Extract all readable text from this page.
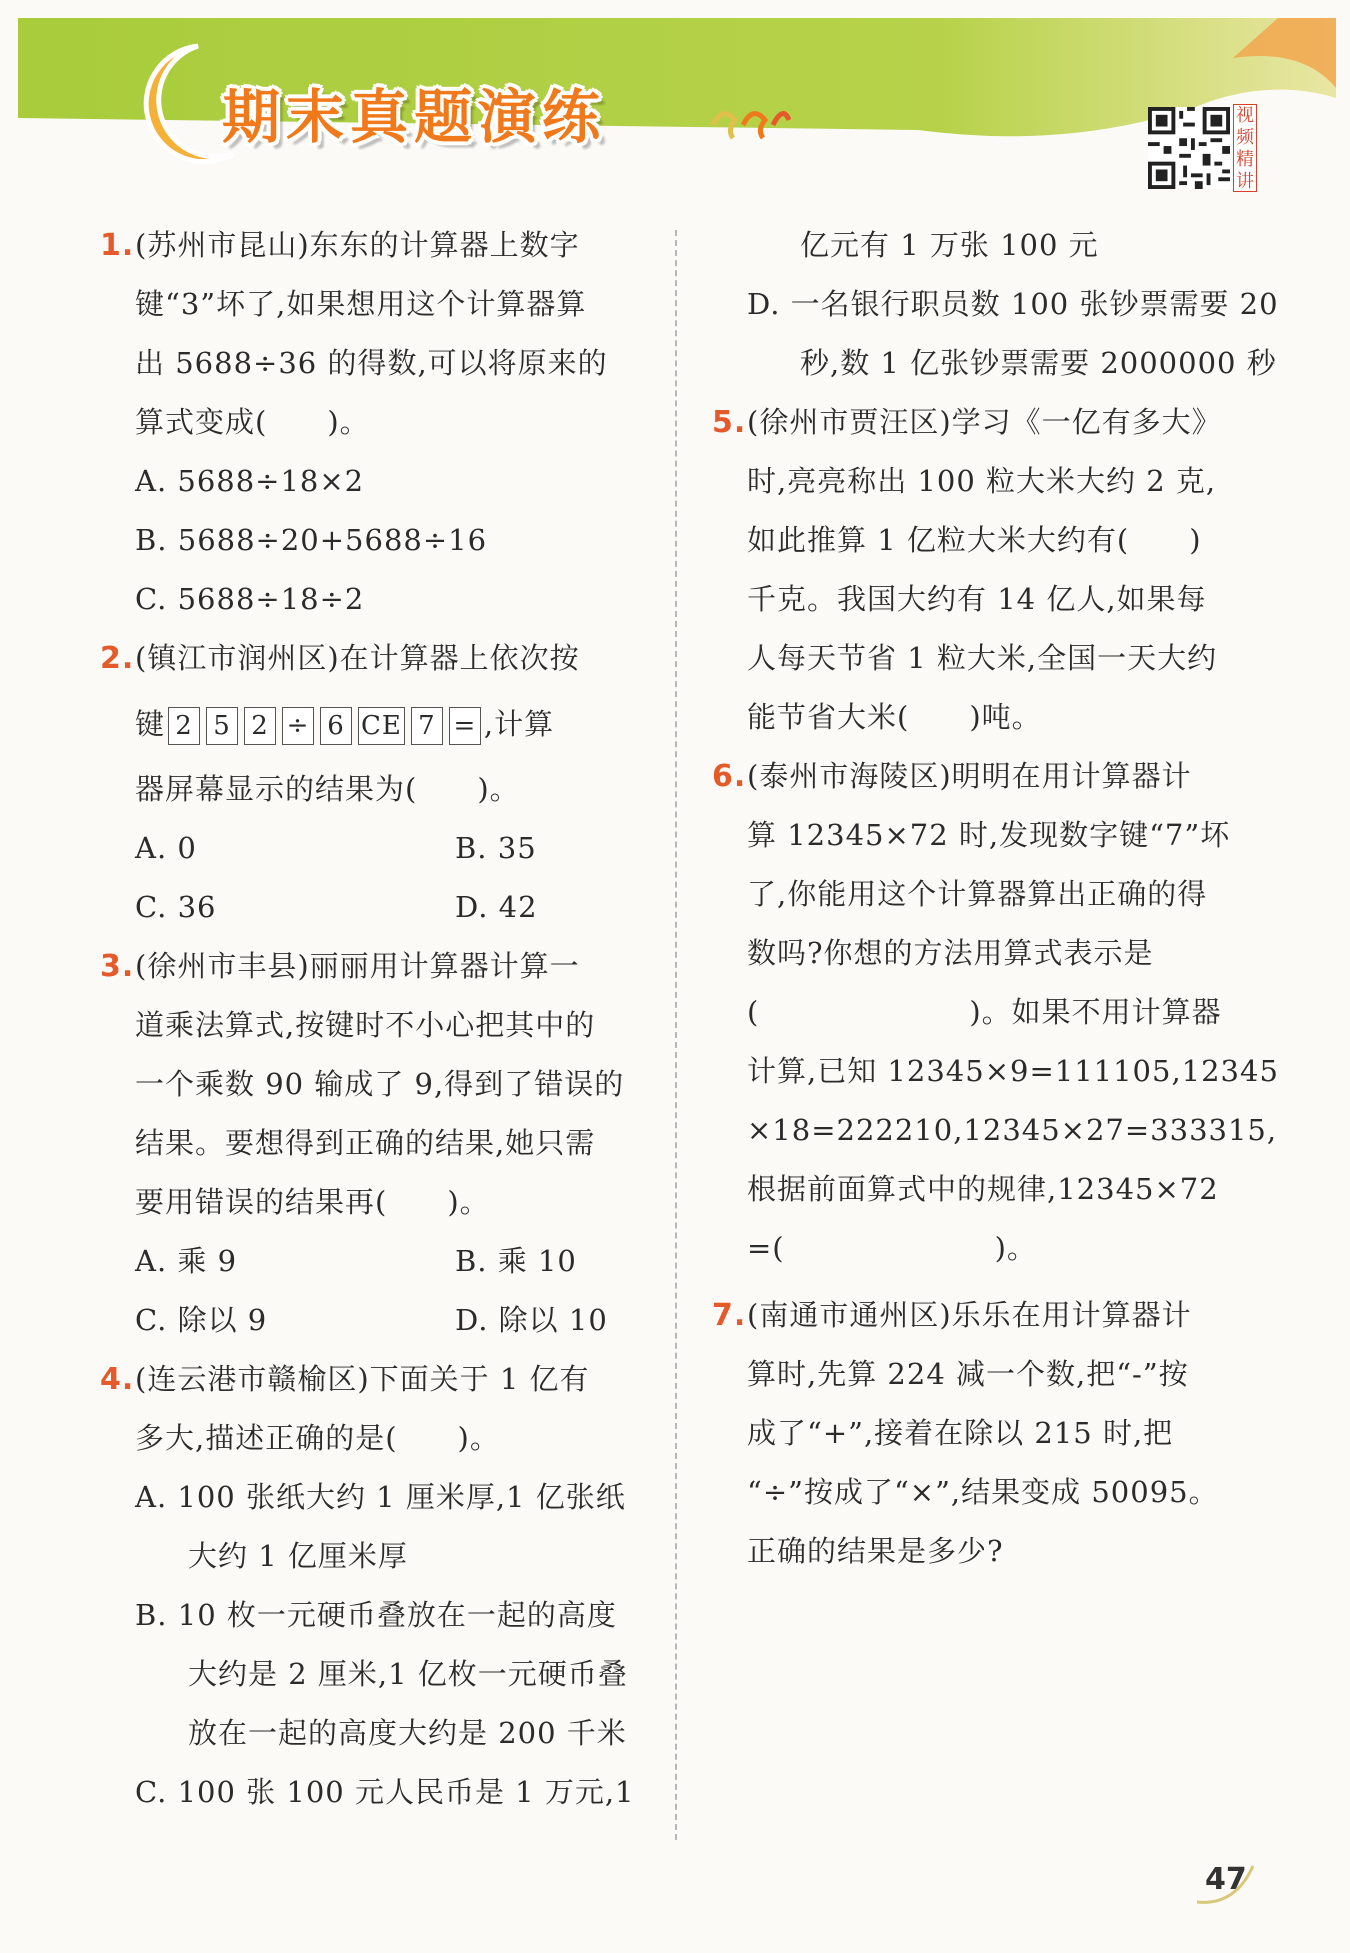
期末真题演练	视频精讲
1.(苏州市昆山)东东的计算器上数字
键“3”坏了,如果想用这个计算器算
出 5688÷36 的得数,可以将原来的
算式变成(　　)。
A. 5688÷18×2
B. 5688÷20+5688÷16
C. 5688÷18÷2
2.(镇江市润州区)在计算器上依次按
键 2 5 2 ÷ 6 CE 7 = ,计算
器屏幕显示的结果为(　　)。
A. 0	B. 35
C. 36	D. 42
3.(徐州市丰县)丽丽用计算器计算一
道乘法算式,按键时不小心把其中的
一个乘数 90 输成了 9,得到了错误的
结果。要想得到正确的结果,她只需
要用错误的结果再(　　)。
A. 乘 9	B. 乘 10
C. 除以 9	D. 除以 10
4.(连云港市赣榆区)下面关于 1 亿有
多大,描述正确的是(　　)。
A. 100 张纸大约 1 厘米厚,1 亿张纸
大约 1 亿厘米厚
B. 10 枚一元硬币叠放在一起的高度
大约是 2 厘米,1 亿枚一元硬币叠
放在一起的高度大约是 200 千米
C. 100 张 100 元人民币是 1 万元,1
亿元有 1 万张 100 元
D. 一名银行职员数 100 张钞票需要 20
秒,数 1 亿张钞票需要 2000000 秒
5.(徐州市贾汪区)学习《一亿有多大》
时,亮亮称出 100 粒大米大约 2 克,
如此推算 1 亿粒大米大约有(　　)
千克。我国大约有 14 亿人,如果每
人每天节省 1 粒大米,全国一天大约
能节省大米(　　)吨。
6.(泰州市海陵区)明明在用计算器计
算 12345×72 时,发现数字键“7”坏
了,你能用这个计算器算出正确的得
数吗?你想的方法用算式表示是
(　　　　　　　)。如果不用计算器
计算,已知 12345×9=111105,12345
×18=222210,12345×27=333315,
根据前面算式中的规律,12345×72
=(　　　　　　　)。
7.(南通市通州区)乐乐在用计算器计
算时,先算 224 减一个数,把“-”按
成了“+”,接着在除以 215 时,把
“÷”按成了“×”,结果变成 50095。
正确的结果是多少?
47
